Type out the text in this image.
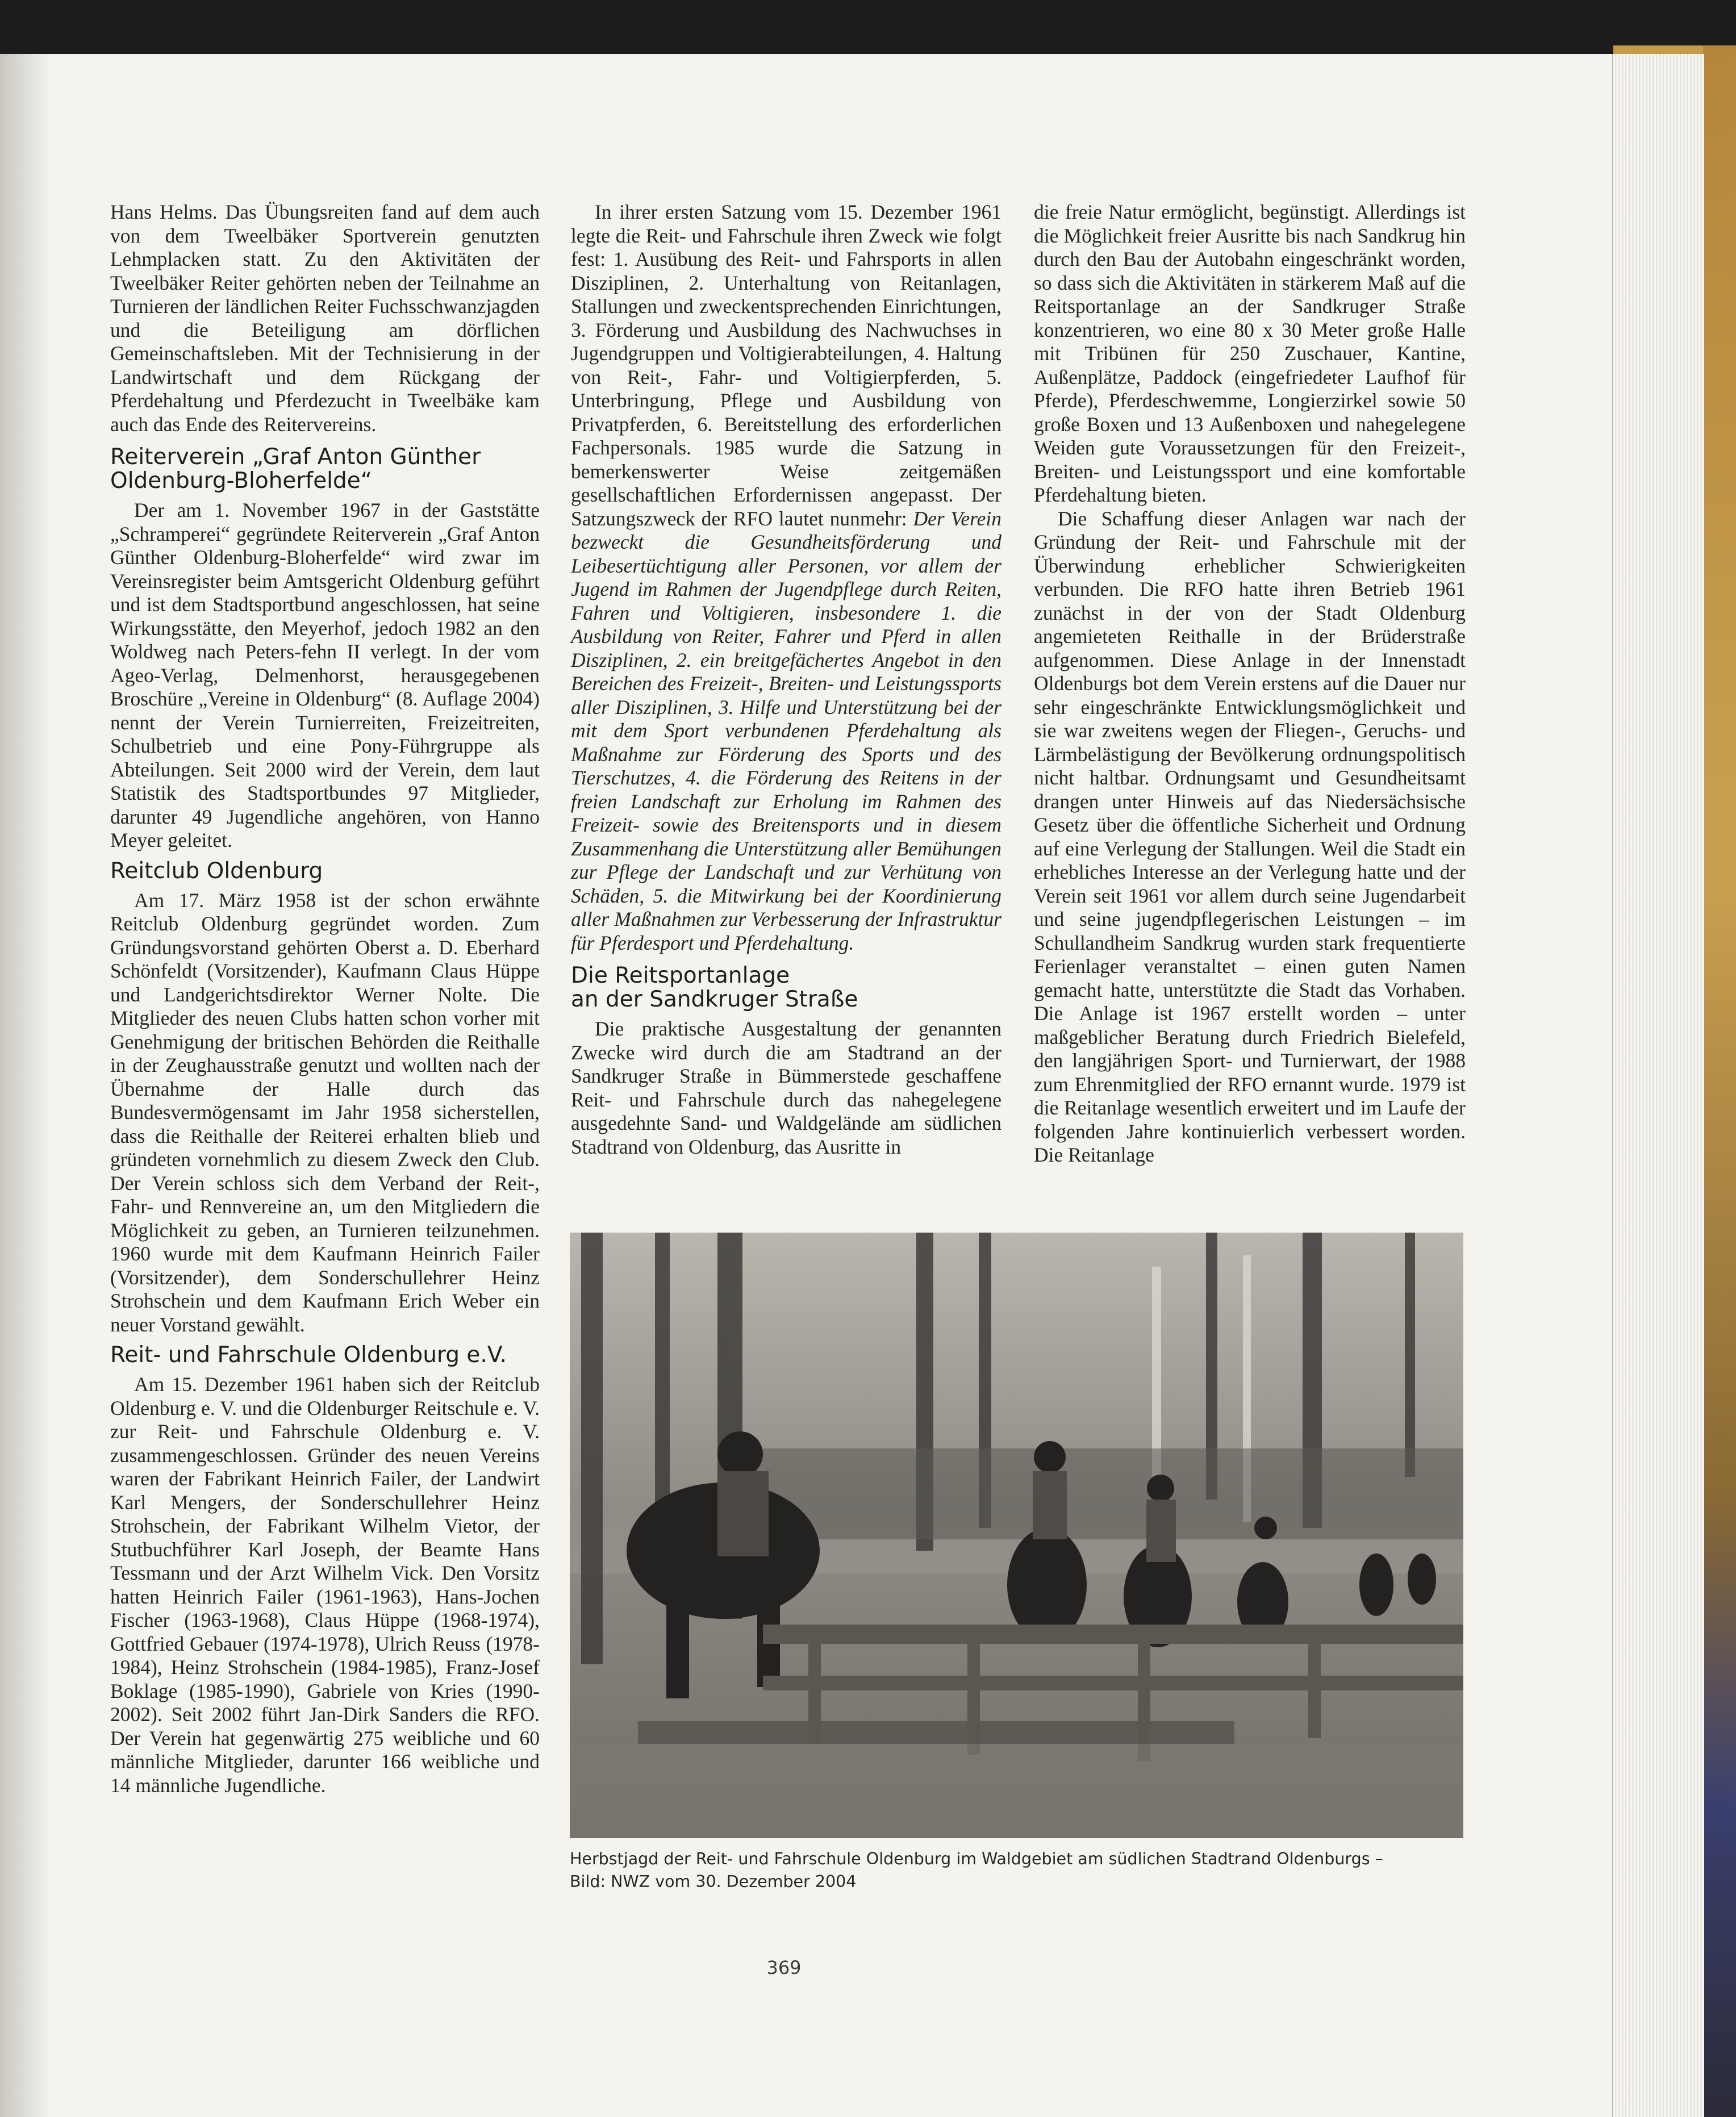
Hans Helms. Das Übungsreiten fand auf dem auch von dem Tweelbäker Sportverein genutzten Lehmplacken statt. Zu den Aktivitäten der Tweelbäker Reiter gehörten neben der Teilnahme an Turnieren der ländlichen Reiter Fuchsschwanzjagden und die Beteiligung am dörflichen Gemeinschaftsleben. Mit der Technisierung in der Landwirtschaft und dem Rückgang der Pferdehaltung und Pferdezucht in Tweelbäke kam auch das Ende des Reitervereins.

Reiterverein „Graf Anton Günther Oldenburg-Bloherfelde“

Der am 1. November 1967 in der Gaststätte „Schramperei“ gegründete Reiterverein „Graf Anton Günther Oldenburg-Bloherfelde“ wird zwar im Vereinsregister beim Amtsgericht Oldenburg geführt und ist dem Stadtsportbund angeschlossen, hat seine Wirkungsstätte, den Meyerhof, jedoch 1982 an den Woldweg nach Peters-fehn II verlegt. In der vom Ageo-Verlag, Delmenhorst, herausgegebenen Broschüre „Vereine in Oldenburg“ (8. Auflage 2004) nennt der Verein Turnierreiten, Freizeitreiten, Schulbetrieb und eine Pony-Führgruppe als Abteilungen. Seit 2000 wird der Verein, dem laut Statistik des Stadtsportbundes 97 Mitglieder, darunter 49 Jugendliche angehören, von Hanno Meyer geleitet.

Reitclub Oldenburg

Am 17. März 1958 ist der schon erwähnte Reitclub Oldenburg gegründet worden. Zum Gründungsvorstand gehörten Oberst a. D. Eberhard Schönfeldt (Vorsitzender), Kaufmann Claus Hüppe und Landgerichtsdirektor Werner Nolte. Die Mitglieder des neuen Clubs hatten schon vorher mit Genehmigung der britischen Behörden die Reithalle in der Zeughausstraße genutzt und wollten nach der Übernahme der Halle durch das Bundesvermögensamt im Jahr 1958 sicherstellen, dass die Reithalle der Reiterei erhalten blieb und gründeten vornehmlich zu diesem Zweck den Club. Der Verein schloss sich dem Verband der Reit-, Fahr- und Rennvereine an, um den Mitgliedern die Möglichkeit zu geben, an Turnieren teilzunehmen. 1960 wurde mit dem Kaufmann Heinrich Failer (Vorsitzender), dem Sonderschullehrer Heinz Strohschein und dem Kaufmann Erich Weber ein neuer Vorstand gewählt.

Reit- und Fahrschule Oldenburg e.V.

Am 15. Dezember 1961 haben sich der Reitclub Oldenburg e. V. und die Oldenburger Reitschule e. V. zur Reit- und Fahrschule Oldenburg e. V. zusammengeschlossen. Gründer des neuen Vereins waren der Fabrikant Heinrich Failer, der Landwirt Karl Mengers, der Sonderschullehrer Heinz Strohschein, der Fabrikant Wilhelm Vietor, der Stutbuchführer Karl Joseph, der Beamte Hans Tessmann und der Arzt Wilhelm Vick. Den Vorsitz hatten Heinrich Failer (1961-1963), Hans-Jochen Fischer (1963-1968), Claus Hüppe (1968-1974), Gottfried Gebauer (1974-1978), Ulrich Reuss (1978-1984), Heinz Strohschein (1984-1985), Franz-Josef Boklage (1985-1990), Gabriele von Kries (1990-2002). Seit 2002 führt Jan-Dirk Sanders die RFO. Der Verein hat gegenwärtig 275 weibliche und 60 männliche Mitglieder, darunter 166 weibliche und 14 männliche Jugendliche.

In ihrer ersten Satzung vom 15. Dezember 1961 legte die Reit- und Fahrschule ihren Zweck wie folgt fest: 1. Ausübung des Reit- und Fahrsports in allen Disziplinen, 2. Unterhaltung von Reitanlagen, Stallungen und zweckentsprechenden Einrichtungen, 3. Förderung und Ausbildung des Nachwuchses in Jugendgruppen und Voltigierabteilungen, 4. Haltung von Reit-, Fahr- und Voltigierpferden, 5. Unterbringung, Pflege und Ausbildung von Privatpferden, 6. Bereitstellung des erforderlichen Fachpersonals. 1985 wurde die Satzung in bemerkenswerter Weise zeitgemäßen gesellschaftlichen Erfordernissen angepasst. Der Satzungszweck der RFO lautet nunmehr: Der Verein bezweckt die Gesundheitsförderung und Leibesertüchtigung aller Personen, vor allem der Jugend im Rahmen der Jugendpflege durch Reiten, Fahren und Voltigieren, insbesondere 1. die Ausbildung von Reiter, Fahrer und Pferd in allen Disziplinen, 2. ein breitgefächertes Angebot in den Bereichen des Freizeit-, Breiten- und Leistungssports aller Disziplinen, 3. Hilfe und Unterstützung bei der mit dem Sport verbundenen Pferdehaltung als Maßnahme zur Förderung des Sports und des Tierschutzes, 4. die Förderung des Reitens in der freien Landschaft zur Erholung im Rahmen des Freizeit- sowie des Breitensports und in diesem Zusammenhang die Unterstützung aller Bemühungen zur Pflege der Landschaft und zur Verhütung von Schäden, 5. die Mitwirkung bei der Koordinierung aller Maßnahmen zur Verbesserung der Infrastruktur für Pferdesport und Pferdehaltung.

Die Reitsportanlage
an der Sandkruger Straße

Die praktische Ausgestaltung der genannten Zwecke wird durch die am Stadtrand an der Sandkruger Straße in Bümmerstede geschaffene Reit- und Fahrschule durch das nahegelegene ausgedehnte Sand- und Waldgelände am südlichen Stadtrand von Oldenburg, das Ausritte in

die freie Natur ermöglicht, begünstigt. Allerdings ist die Möglichkeit freier Ausritte bis nach Sandkrug hin durch den Bau der Autobahn eingeschränkt worden, so dass sich die Aktivitäten in stärkerem Maß auf die Reitsportanlage an der Sandkruger Straße konzentrieren, wo eine 80 x 30 Meter große Halle mit Tribünen für 250 Zuschauer, Kantine, Außenplätze, Paddock (eingefriedeter Laufhof für Pferde), Pferdeschwemme, Longierzirkel sowie 50 große Boxen und 13 Außenboxen und nahegelegene Weiden gute Voraussetzungen für den Freizeit-, Breiten- und Leistungssport und eine komfortable Pferdehaltung bieten.

Die Schaffung dieser Anlagen war nach der Gründung der Reit- und Fahrschule mit der Überwindung erheblicher Schwierigkeiten verbunden. Die RFO hatte ihren Betrieb 1961 zunächst in der von der Stadt Oldenburg angemieteten Reithalle in der Brüderstraße aufgenommen. Diese Anlage in der Innenstadt Oldenburgs bot dem Verein erstens auf die Dauer nur sehr eingeschränkte Entwicklungsmöglichkeit und sie war zweitens wegen der Fliegen-, Geruchs- und Lärmbelästigung der Bevölkerung ordnungspolitisch nicht haltbar. Ordnungsamt und Gesundheitsamt drangen unter Hinweis auf das Niedersächsische Gesetz über die öffentliche Sicherheit und Ordnung auf eine Verlegung der Stallungen. Weil die Stadt ein erhebliches Interesse an der Verlegung hatte und der Verein seit 1961 vor allem durch seine Jugendarbeit und seine jugendpflegerischen Leistungen – im Schullandheim Sandkrug wurden stark frequentierte Ferienlager veranstaltet – einen guten Namen gemacht hatte, unterstützte die Stadt das Vorhaben. Die Anlage ist 1967 erstellt worden – unter maßgeblicher Beratung durch Friedrich Bielefeld, den langjährigen Sport- und Turnierwart, der 1988 zum Ehrenmitglied der RFO ernannt wurde. 1979 ist die Reitanlage wesentlich erweitert und im Laufe der folgenden Jahre kontinuierlich verbessert worden. Die Reitanlage

Herbstjagd der Reit- und Fahrschule Oldenburg im Waldgebiet am südlichen Stadtrand Oldenburgs –
Bild: NWZ vom 30. Dezember 2004
369
